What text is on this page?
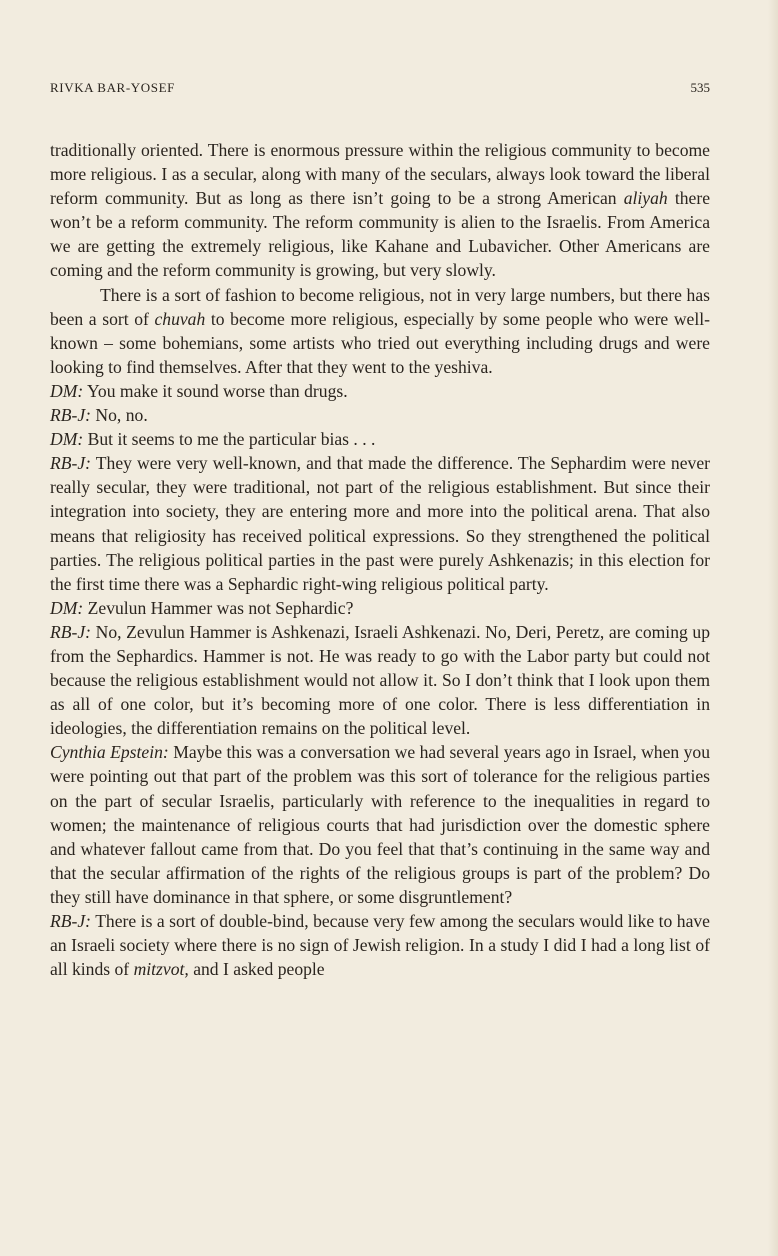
RIVKA BAR-YOSEF	535

traditionally oriented. There is enormous pressure within the religious community to become more religious. I as a secular, along with many of the seculars, always look toward the liberal reform community. But as long as there isn’t going to be a strong American aliyah there won’t be a reform community. The reform community is alien to the Israelis. From America we are getting the extremely religious, like Kahane and Lubavicher. Other Americans are coming and the reform community is growing, but very slowly.

There is a sort of fashion to become religious, not in very large numbers, but there has been a sort of chuvah to become more religious, especially by some people who were well-known – some bohemians, some artists who tried out everything including drugs and were looking to find themselves. After that they went to the yeshiva.

DM: You make it sound worse than drugs.

RB-J: No, no.

DM: But it seems to me the particular bias . . .

RB-J: They were very well-known, and that made the difference. The Sephardim were never really secular, they were traditional, not part of the religious establishment. But since their integration into society, they are entering more and more into the political arena. That also means that religiosity has received political expressions. So they strengthened the political parties. The religious political parties in the past were purely Ashkenazis; in this election for the first time there was a Sephardic right-wing religious political party.

DM: Zevulun Hammer was not Sephardic?

RB-J: No, Zevulun Hammer is Ashkenazi, Israeli Ashkenazi. No, Deri, Peretz, are coming up from the Sephardics. Hammer is not. He was ready to go with the Labor party but could not because the religious establishment would not allow it. So I don’t think that I look upon them as all of one color, but it’s becoming more of one color. There is less differentiation in ideologies, the differentiation remains on the political level.

Cynthia Epstein: Maybe this was a conversation we had several years ago in Israel, when you were pointing out that part of the problem was this sort of tolerance for the religious parties on the part of secular Israelis, particularly with reference to the inequalities in regard to women; the maintenance of religious courts that had jurisdiction over the domestic sphere and whatever fallout came from that. Do you feel that that’s continuing in the same way and that the secular affirmation of the rights of the religious groups is part of the problem? Do they still have dominance in that sphere, or some disgruntlement?

RB-J: There is a sort of double-bind, because very few among the seculars would like to have an Israeli society where there is no sign of Jewish religion. In a study I did I had a long list of all kinds of mitzvot, and I asked people
